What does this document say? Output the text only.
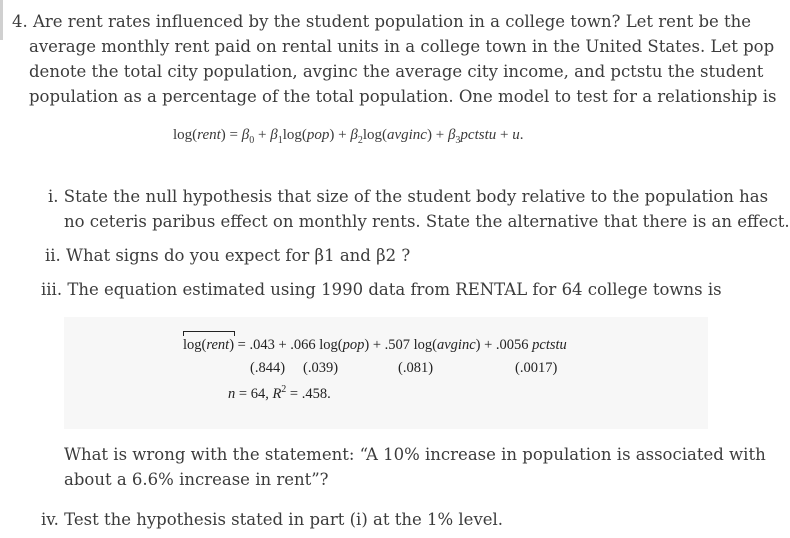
4. Are rent rates influenced by the student population in a college town? Let rent be the
average monthly rent paid on rental units in a college town in the United States. Let pop
denote the total city population, avginc the average city income, and pctstu the student
population as a percentage of the total population. One model to test for a relationship is
log(rent) = $\beta_0 + \beta_1\log(pop)$ + $\beta_2\log(avginc)$ + $\beta_3pctstu + u$.
i. State the null hypothesis that size of the student body relative to the population has
no ceteris paribus effect on monthly rents. State the alternative that there is an effect.
ii. What signs do you expect for β1 and β2 ?
iii. The equation estimated using 1990 data from RENTAL for 64 college towns is
log(rent) = .043 + .066 log(pop) + .507 log(avginc) + .0056 pctstu
(.844) (.039)	(.081)	(.0017)
n = 64, $R^2 = .458$.
What is wrong with the statement: “A 10% increase in population is associated with
about a 6.6% increase in rent”?
iv. Test the hypothesis stated in part (i) at the 1% level.
